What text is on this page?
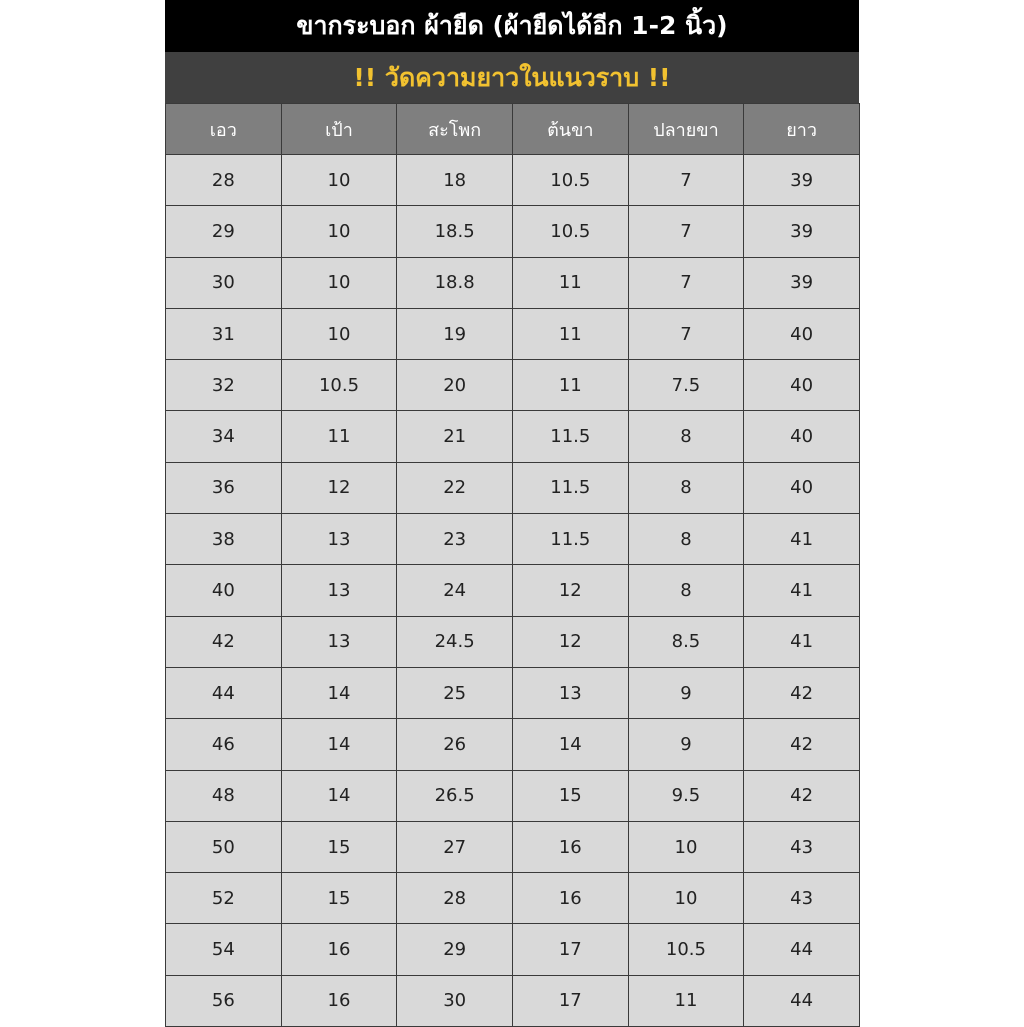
ขากระบอก ผ้ายืด (ผ้ายืดได้อีก 1-2 นิ้ว)
!! วัดความยาวในแนวราบ !!
เอว	เป้า	สะโพก	ต้นขา	ปลายขา	ยาว
28	10	18	10.5	7	39
29	10	18.5	10.5	7	39
30	10	18.8	11	7	39
31	10	19	11	7	40
32	10.5	20	11	7.5	40
34	11	21	11.5	8	40
36	12	22	11.5	8	40
38	13	23	11.5	8	41
40	13	24	12	8	41
42	13	24.5	12	8.5	41
44	14	25	13	9	42
46	14	26	14	9	42
48	14	26.5	15	9.5	42
50	15	27	16	10	43
52	15	28	16	10	43
54	16	29	17	10.5	44
56	16	30	17	11	44
